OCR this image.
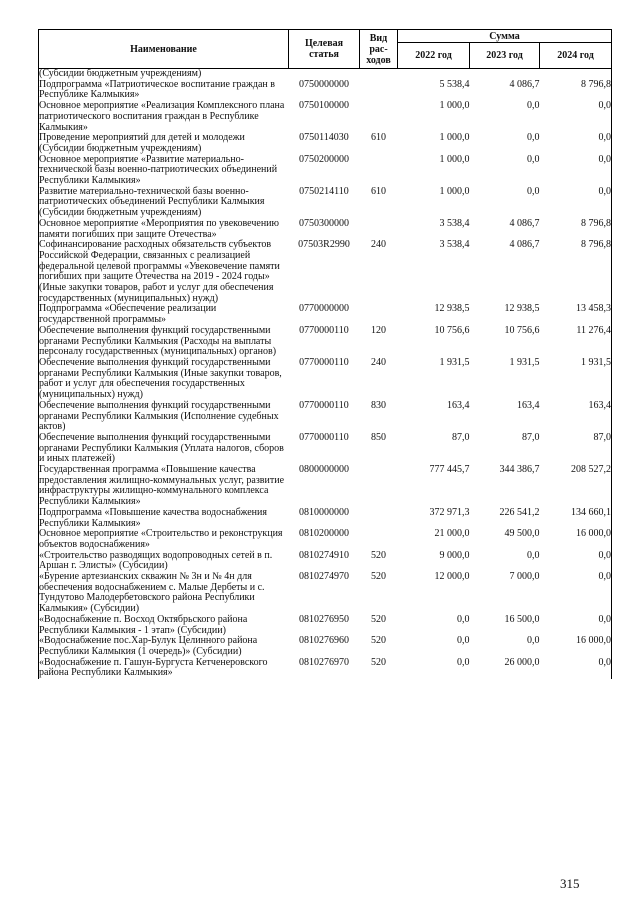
Наименование	Целевая статья	Вид
рас-
ходов	Сумма		
			2022 год	2023 год	2024 год
(Субсидии бюджетным учреждениям)					
Подпрограмма «Патриотическое воспитание граждан в Республике Калмыкия»	0750000000		5 538,4	4 086,7	8 796,8
Основное мероприятие «Реализация Комплексного плана патриотического воспитания граждан в Республике Калмыкия»	0750100000		1 000,0	0,0	0,0
Проведение мероприятий для детей и молодежи (Субсидии бюджетным учреждениям)	0750114030	610	1 000,0	0,0	0,0
Основное мероприятие «Развитие материально-технической базы военно-патриотических объединений Республики Калмыкия»	0750200000		1 000,0	0,0	0,0
Развитие материально-технической базы военно-патриотических объединений Республики Калмыкия (Субсидии бюджетным учреждениям)	0750214110	610	1 000,0	0,0	0,0
Основное мероприятие «Мероприятия по увековечению памяти погибших при защите Отечества»	0750300000		3 538,4	4 086,7	8 796,8
Софинансирование расходных обязательств субъектов Российской Федерации, связанных с реализацией федеральной целевой программы «Увековечение памяти погибших при защите Отечества на 2019 - 2024 годы» (Иные закупки товаров, работ и услуг для обеспечения государственных (муниципальных) нужд)	07503R2990	240	3 538,4	4 086,7	8 796,8
Подпрограмма «Обеспечение реализации государственной программы»	0770000000		12 938,5	12 938,5	13 458,3
Обеспечение выполнения функций государственными органами Республики Калмыкия (Расходы на выплаты персоналу государственных (муниципальных) органов)	0770000110	120	10 756,6	10 756,6	11 276,4
Обеспечение выполнения функций государственными органами Республики Калмыкия (Иные закупки товаров, работ и услуг для обеспечения государственных (муниципальных) нужд)	0770000110	240	1 931,5	1 931,5	1 931,5
Обеспечение выполнения функций государственными органами Республики Калмыкия (Исполнение судебных актов)	0770000110	830	163,4	163,4	163,4
Обеспечение выполнения функций государственными органами Республики Калмыкия (Уплата налогов, сборов и иных платежей)	0770000110	850	87,0	87,0	87,0
Государственная программа «Повышение качества предоставления жилищно-коммунальных услуг, развитие инфраструктуры жилищно-коммунального комплекса Республики Калмыкия»	0800000000		777 445,7	344 386,7	208 527,2
Подпрограмма «Повышение качества водоснабжения Республики Калмыкия»	0810000000		372 971,3	226 541,2	134 660,1
Основное мероприятие «Строительство и реконструкция объектов водоснабжения»	0810200000		21 000,0	49 500,0	16 000,0
«Строительство разводящих водопроводных сетей в п. Аршан г. Элисты» (Субсидии)	0810274910	520	9 000,0	0,0	0,0
«Бурение артезианских скважин № 3н и № 4н для обеспечения водоснабжением с. Малые Дербеты и с. Тундутово Малодербетовского района Республики Калмыкия» (Субсидии)	0810274970	520	12 000,0	7 000,0	0,0
«Водоснабжение п. Восход Октябрьского района Республики Калмыкия - 1 этап» (Субсидии)	0810276950	520	0,0	16 500,0	0,0
«Водоснабжение пос.Хар-Булук Целинного района Республики Калмыкия (1 очередь)» (Субсидии)	0810276960	520	0,0	0,0	16 000,0
«Водоснабжение п. Гашун-Бургуста Кетченеровского района Республики Калмыкия»	0810276970	520	0,0	26 000,0	0,0
315
